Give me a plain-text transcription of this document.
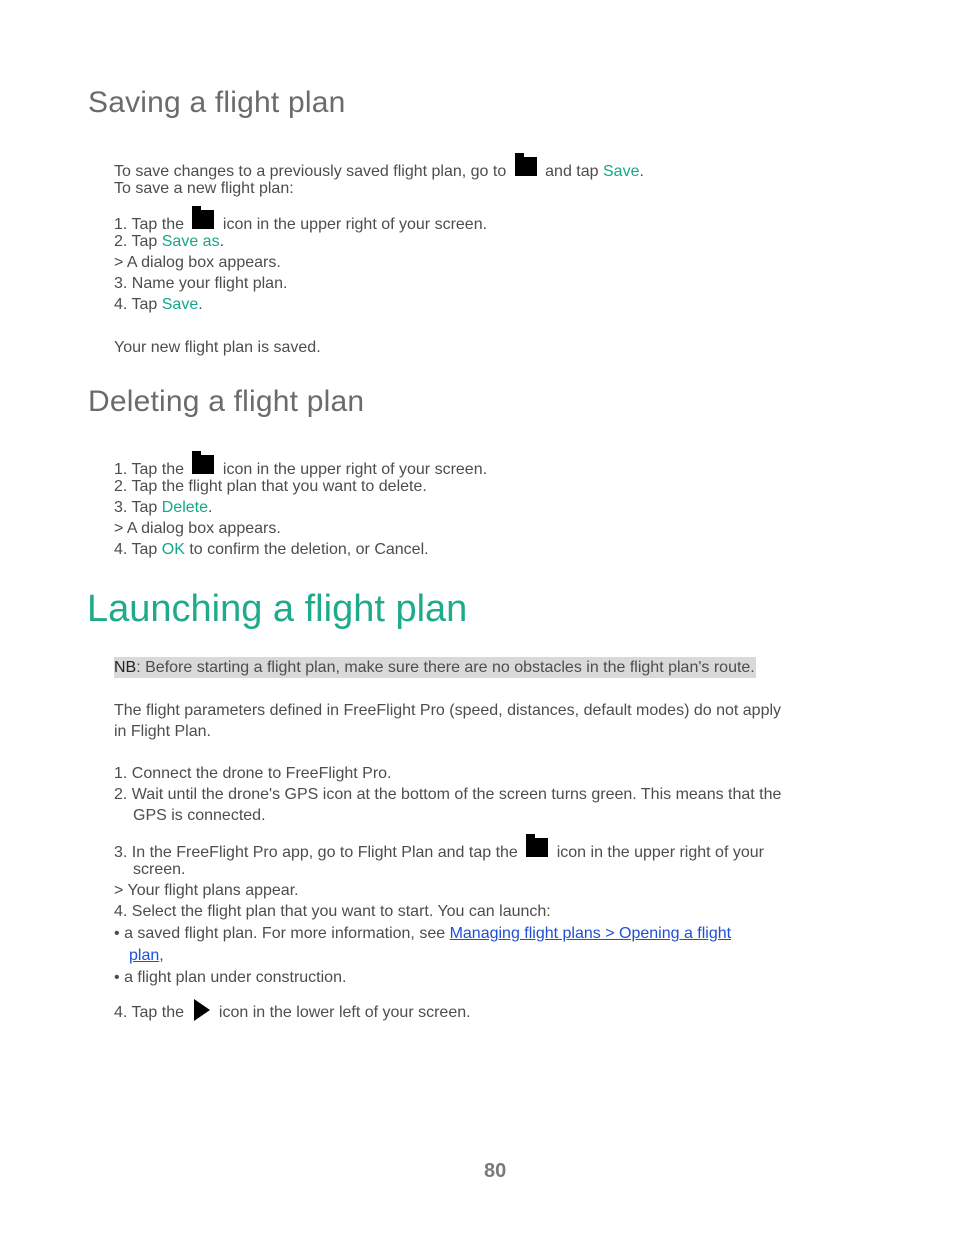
Saving a flight plan
To save changes to a previously saved flight plan, go to and tap Save.
To save a new flight plan:
1. Tap the icon in the upper right of your screen.
2. Tap Save as.
> A dialog box appears.
3. Name your flight plan.
4. Tap Save.
Your new flight plan is saved.
Deleting a flight plan
1. Tap the icon in the upper right of your screen.
2. Tap the flight plan that you want to delete.
3. Tap Delete.
> A dialog box appears.
4. Tap OK to confirm the deletion, or Cancel.
Launching a flight plan
NB: Before starting a flight plan, make sure there are no obstacles in the flight plan's route.
The flight parameters defined in FreeFlight Pro (speed, distances, default modes) do not apply
in Flight Plan.
1. Connect the drone to FreeFlight Pro.
2. Wait until the drone's GPS icon at the bottom of the screen turns green. This means that the
GPS is connected.
3. In the FreeFlight Pro app, go to Flight Plan and tap the icon in the upper right of your
screen.
> Your flight plans appear.
4. Select the flight plan that you want to start. You can launch:
• a saved flight plan. For more information, see Managing flight plans > Opening a flight
plan,
• a flight plan under construction.
4. Tap the icon in the lower left of your screen.
80
